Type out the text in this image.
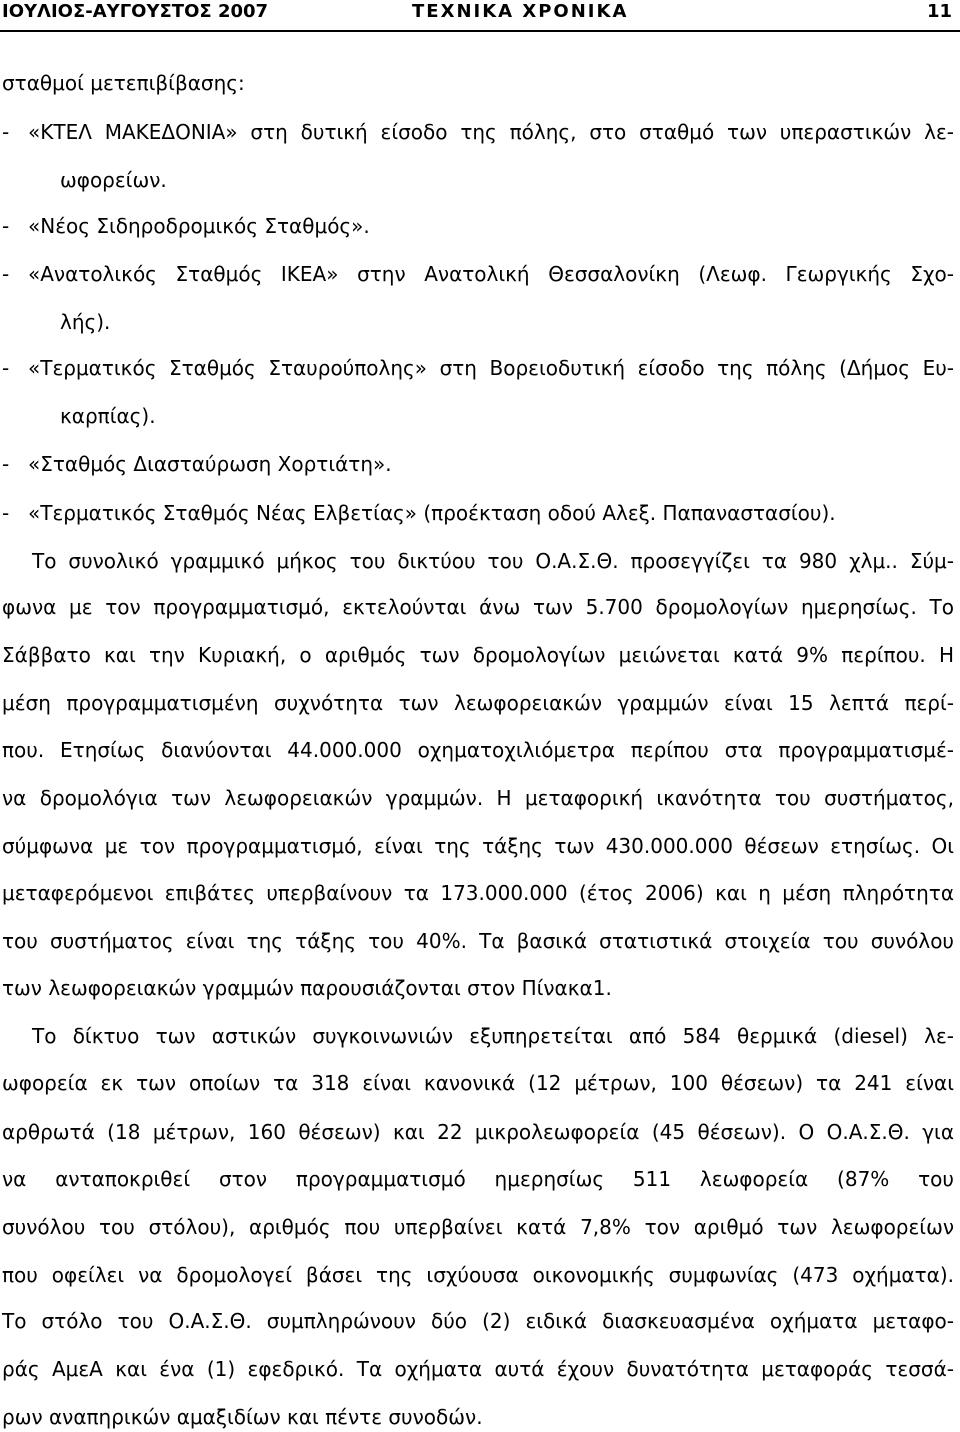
ΙΟΥΛΙΟΣ-ΑΥΓΟΥΣΤΟΣ 2007	ΤΕΧΝΙΚΑ ΧΡΟΝΙΚΑ	11
σταθμοί μετεπιβίβασης:
- «ΚΤΕΛ ΜΑΚΕΔΟΝΙΑ» στη δυτική είσοδο της πόλης, στο σταθμό των υπεραστικών λε-
ωφορείων.
- «Νέος Σιδηροδρομικός Σταθμός».
- «Ανατολικός Σταθμός ΙΚΕΑ» στην Ανατολική Θεσσαλονίκη (Λεωφ. Γεωργικής Σχο-
λής).
- «Τερματικός Σταθμός Σταυρούπολης» στη Βορειοδυτική είσοδο της πόλης (Δήμος Ευ-
καρπίας).
- «Σταθμός Διασταύρωση Χορτιάτη».
- «Τερματικός Σταθμός Νέας Ελβετίας» (προέκταση οδού Αλεξ. Παπαναστασίου).
Το συνολικό γραμμικό μήκος του δικτύου του Ο.Α.Σ.Θ. προσεγγίζει τα 980 χλμ.. Σύμ-
φωνα με τον προγραμματισμό, εκτελούνται άνω των 5.700 δρομολογίων ημερησίως. Το
Σάββατο και την Κυριακή, ο αριθμός των δρομολογίων μειώνεται κατά 9% περίπου. Η
μέση προγραμματισμένη συχνότητα των λεωφορειακών γραμμών είναι 15 λεπτά περί-
που. Ετησίως διανύονται 44.000.000 οχηματοχιλιόμετρα περίπου στα προγραμματισμέ-
να δρομολόγια των λεωφορειακών γραμμών. Η μεταφορική ικανότητα του συστήματος,
σύμφωνα με τον προγραμματισμό, είναι της τάξης των 430.000.000 θέσεων ετησίως. Οι
μεταφερόμενοι επιβάτες υπερβαίνουν τα 173.000.000 (έτος 2006) και η μέση πληρότητα
του συστήματος είναι της τάξης του 40%. Τα βασικά στατιστικά στοιχεία του συνόλου
των λεωφορειακών γραμμών παρουσιάζονται στον Πίνακα1.
Το δίκτυο των αστικών συγκοινωνιών εξυπηρετείται από 584 θερμικά (diesel) λε-
ωφορεία εκ των οποίων τα 318 είναι κανονικά (12 μέτρων, 100 θέσεων) τα 241 είναι
αρθρωτά (18 μέτρων, 160 θέσεων) και 22 μικρολεωφορεία (45 θέσεων). Ο Ο.Α.Σ.Θ. για
να ανταποκριθεί στον προγραμματισμό ημερησίως 511 λεωφορεία (87% του
συνόλου του στόλου), αριθμός που υπερβαίνει κατά 7,8% τον αριθμό των λεωφορείων
που οφείλει να δρομολογεί βάσει της ισχύουσα οικονομικής συμφωνίας (473 οχήματα).
Το στόλο του Ο.Α.Σ.Θ. συμπληρώνουν δύο (2) ειδικά διασκευασμένα οχήματα μεταφο-
ράς ΑμεΑ και ένα (1) εφεδρικό. Τα οχήματα αυτά έχουν δυνατότητα μεταφοράς τεσσά-
ρων αναπηρικών αμαξιδίων και πέντε συνοδών.
